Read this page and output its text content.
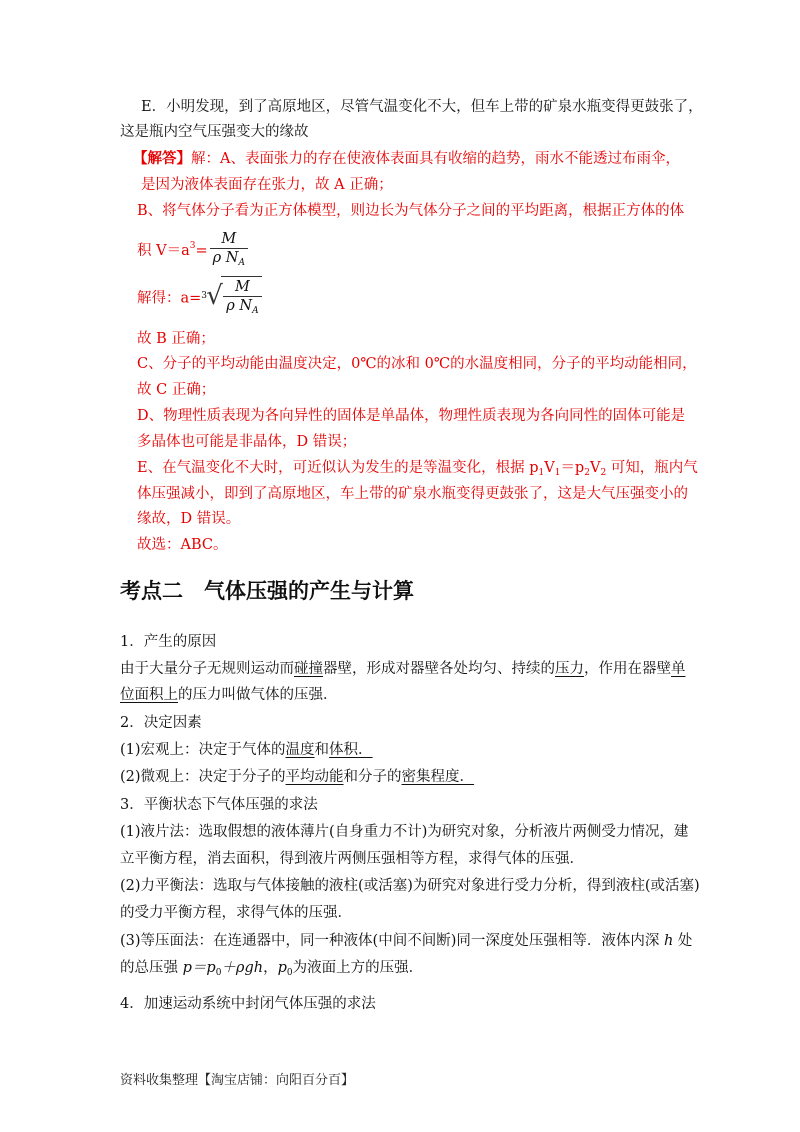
E．小明发现，到了高原地区，尽管气温变化不大，但车上带的矿泉水瓶变得更鼓张了，
这是瓶内空气压强变大的缘故
【解答】解：A、表面张力的存在使液体表面具有收缩的趋势，雨水不能透过布雨伞，
是因为液体表面存在张力，故 A 正确；
B、将气体分子看为正方体模型，则边长为气体分子之间的平均距离，根据正方体的体
积 $V=a^3= \frac{M}{\rho N_A}$
解得：a= 3 √ $\frac{M}{\rho N_A}$
故 B 正确；
C、分子的平均动能由温度决定，0℃的冰和 0℃的水温度相同，分子的平均动能相同，
故 C 正确；
D、物理性质表现为各向异性的固体是单晶体，物理性质表现为各向同性的固体可能是
多晶体也可能是非晶体，D 错误；
E、在气温变化不大时，可近似认为发生的是等温变化，根据 $p_1V_1=p_2V_2$ 可知，瓶内气
体压强减小，即到了高原地区，车上带的矿泉水瓶变得更鼓张了，这是大气压强变小的
缘故，D 错误。
故选：ABC。
考点二　气体压强的产生与计算
1．产生的原因
由于大量分子无规则运动而碰撞器壁，形成对器壁各处均匀、持续的压力，作用在器壁单
位面积上的压力叫做气体的压强．
2．决定因素
(1)宏观上：决定于气体的温度和体积．
(2)微观上：决定于分子的平均动能和分子的密集程度．
3．平衡状态下气体压强的求法
(1)液片法：选取假想的液体薄片(自身重力不计)为研究对象，分析液片两侧受力情况，建
立平衡方程，消去面积，得到液片两侧压强相等方程，求得气体的压强．
(2)力平衡法：选取与气体接触的液柱(或活塞)为研究对象进行受力分析，得到液柱(或活塞)
的受力平衡方程，求得气体的压强．
(3)等压面法：在连通器中，同一种液体(中间不间断)同一深度处压强相等．液体内深 h 处
的总压强 $p=p_0+\rho gh$，$p_0$为液面上方的压强．
4．加速运动系统中封闭气体压强的求法
资料收集整理【淘宝店铺：向阳百分百】
